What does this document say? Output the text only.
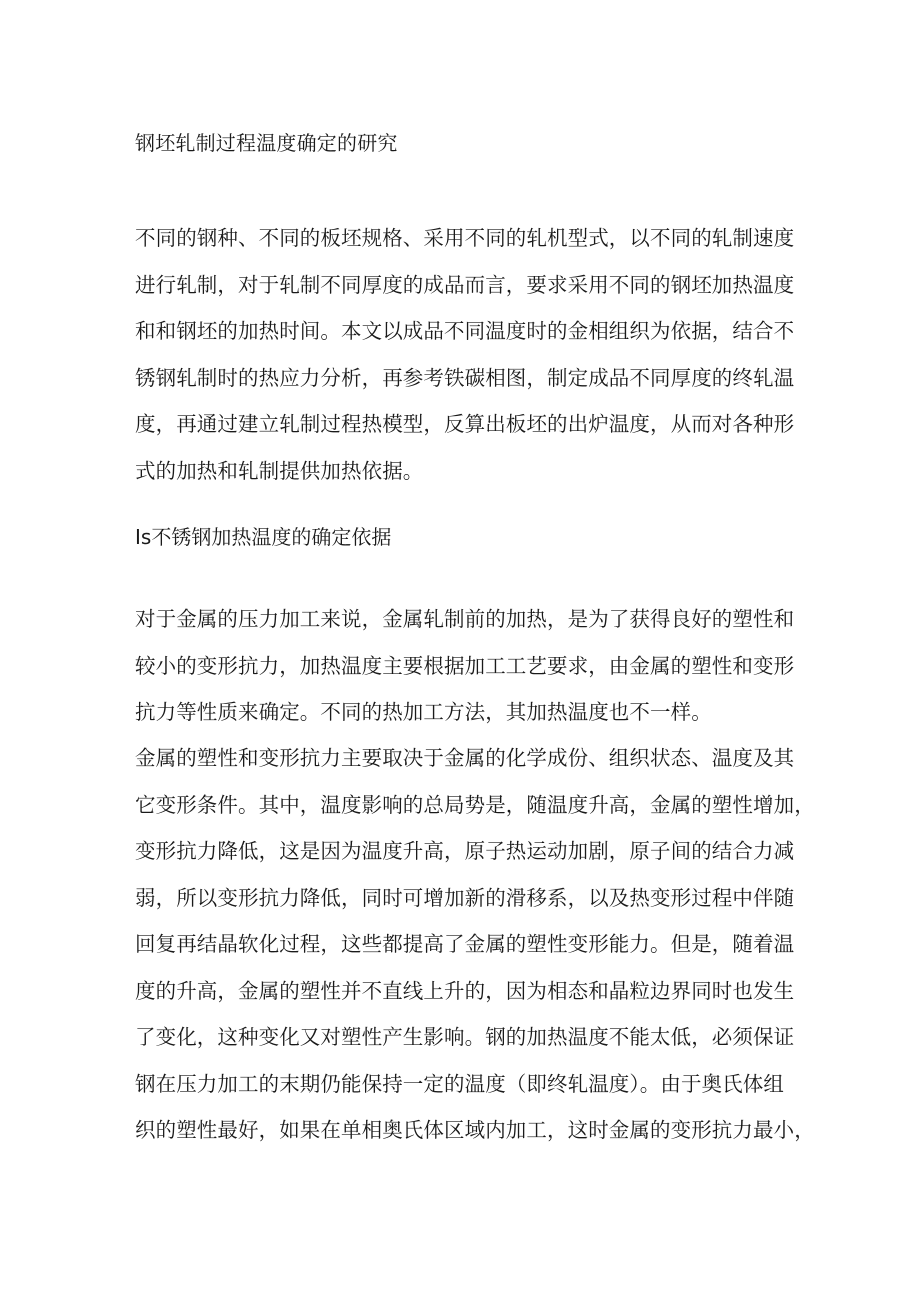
钢坯轧制过程温度确定的研究
不同的钢种、不同的板坯规格、采用不同的轧机型式，以不同的轧制速度
进行轧制，对于轧制不同厚度的成品而言，要求采用不同的钢坯加热温度
和和钢坯的加热时间。本文以成品不同温度时的金相组织为依据，结合不
锈钢轧制时的热应力分析，再参考铁碳相图，制定成品不同厚度的终轧温
度，再通过建立轧制过程热模型，反算出板坯的出炉温度，从而对各种形
式的加热和轧制提供加热依据。
Is不锈钢加热温度的确定依据
对于金属的压力加工来说，金属轧制前的加热，是为了获得良好的塑性和
较小的变形抗力，加热温度主要根据加工工艺要求，由金属的塑性和变形
抗力等性质来确定。不同的热加工方法，其加热温度也不一样。
金属的塑性和变形抗力主要取决于金属的化学成份、组织状态、温度及其
它变形条件。其中，温度影响的总局势是，随温度升高，金属的塑性增加，
变形抗力降低，这是因为温度升高，原子热运动加剧，原子间的结合力减
弱，所以变形抗力降低，同时可增加新的滑移系，以及热变形过程中伴随
回复再结晶软化过程，这些都提高了金属的塑性变形能力。但是，随着温
度的升高，金属的塑性并不直线上升的，因为相态和晶粒边界同时也发生
了变化，这种变化又对塑性产生影响。钢的加热温度不能太低，必须保证
钢在压力加工的末期仍能保持一定的温度（即终轧温度）。由于奥氏体组
织的塑性最好，如果在单相奥氏体区域内加工，这时金属的变形抗力最小，
